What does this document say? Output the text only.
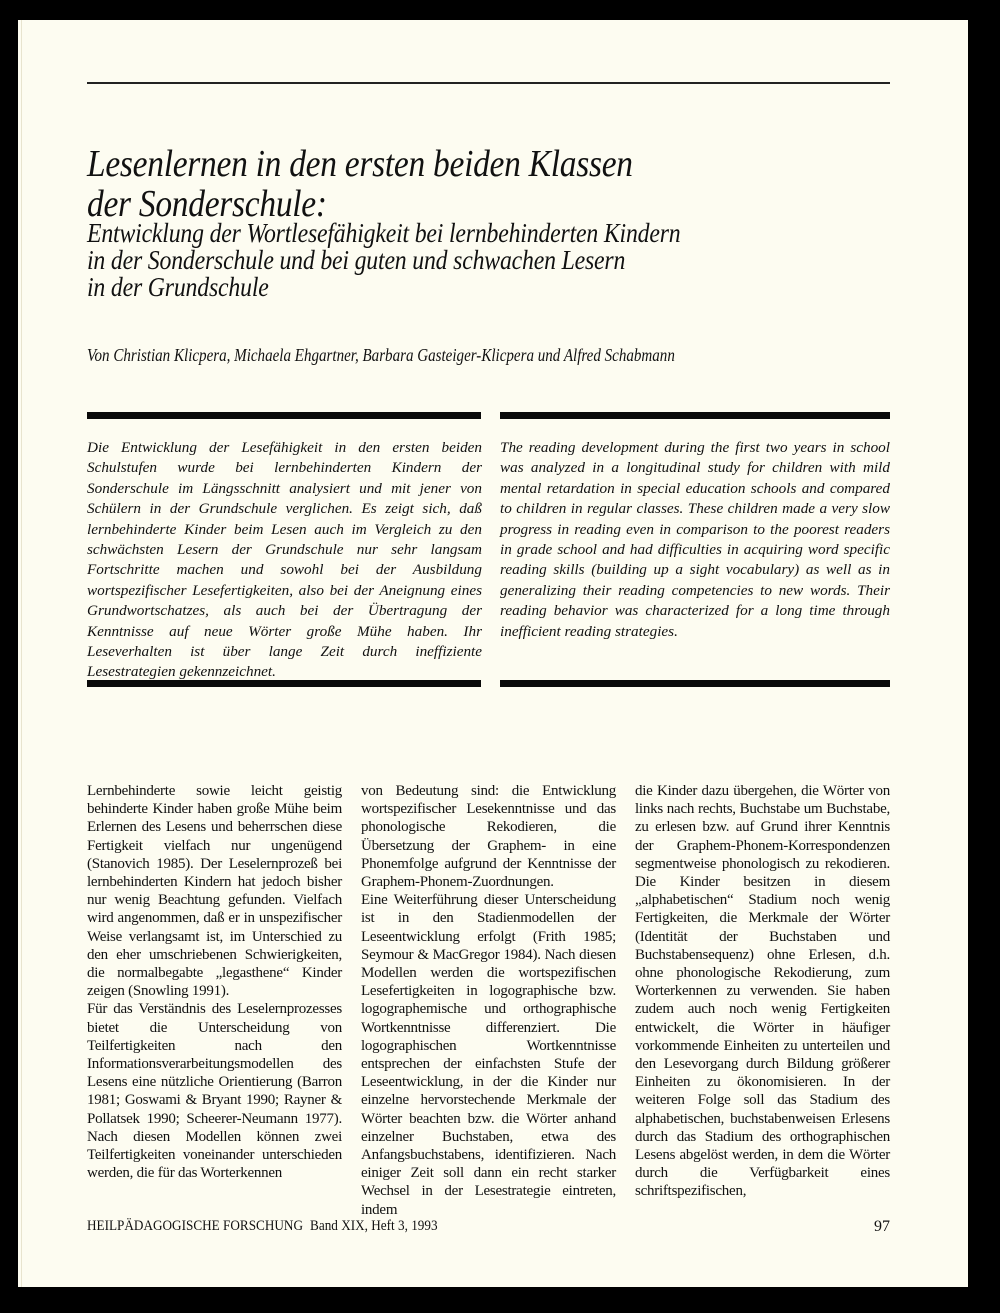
Lesenlernen in den ersten beiden Klassen
der Sonderschule:
Entwicklung der Wortlesefähigkeit bei lernbehinderten Kindern
in der Sonderschule und bei guten und schwachen Lesern
in der Grundschule
Von Christian Klicpera, Michaela Ehgartner, Barbara Gasteiger-Klicpera und Alfred Schabmann

Die Entwicklung der Lesefähigkeit in den ersten beiden Schulstufen wurde bei lernbehinderten Kindern der Sonderschule im Längsschnitt analysiert und mit jener von Schülern in der Grundschule verglichen. Es zeigt sich, daß lernbehinderte Kinder beim Lesen auch im Vergleich zu den schwächsten Lesern der Grundschule nur sehr langsam Fortschritte machen und sowohl bei der Ausbildung wortspezifischer Lesefertigkeiten, also bei der Aneignung eines Grundwortschatzes, als auch bei der Übertragung der Kenntnisse auf neue Wörter große Mühe haben. Ihr Leseverhalten ist über lange Zeit durch ineffiziente Lesestrategien gekennzeichnet.

The reading development during the first two years in school was analyzed in a longitudinal study for children with mild mental retardation in special education schools and compared to children in regular classes. These children made a very slow progress in reading even in comparison to the poorest readers in grade school and had difficulties in acquiring word specific reading skills (building up a sight vocabulary) as well as in generalizing their reading competencies to new words. Their reading behavior was characterized for a long time through inefficient reading strategies.

Lernbehinderte sowie leicht geistig behinderte Kinder haben große Mühe beim Erlernen des Lesens und beherrschen diese Fertigkeit vielfach nur ungenügend (Stanovich 1985). Der Leselernprozeß bei lernbehinderten Kindern hat jedoch bisher nur wenig Beachtung gefunden. Vielfach wird angenommen, daß er in unspezifischer Weise verlangsamt ist, im Unterschied zu den eher umschriebenen Schwierigkeiten, die normalbegabte „legasthene“ Kinder zeigen (Snowling 1991).

Für das Verständnis des Leselernprozesses bietet die Unterscheidung von Teilfertigkeiten nach den Informationsverarbeitungsmodellen des Lesens eine nützliche Orientierung (Barron 1981; Goswami & Bryant 1990; Rayner & Pollatsek 1990; Scheerer-Neumann 1977). Nach diesen Modellen können zwei Teilfertigkeiten voneinander unterschieden werden, die für das Worterkennen

von Bedeutung sind: die Entwicklung wortspezifischer Lesekenntnisse und das phonologische Rekodieren, die Übersetzung der Graphem- in eine Phonemfolge aufgrund der Kenntnisse der Graphem-Phonem-Zuordnungen.

Eine Weiterführung dieser Unterscheidung ist in den Stadienmodellen der Leseentwicklung erfolgt (Frith 1985; Seymour & MacGregor 1984). Nach diesen Modellen werden die wortspezifischen Lesefertigkeiten in logographische bzw. logographemische und orthographische Wortkenntnisse differenziert. Die logographischen Wortkenntnisse entsprechen der einfachsten Stufe der Leseentwicklung, in der die Kinder nur einzelne hervorstechende Merkmale der Wörter beachten bzw. die Wörter anhand einzelner Buchstaben, etwa des Anfangsbuchstabens, identifizieren. Nach einiger Zeit soll dann ein recht starker Wechsel in der Lesestrategie eintreten, indem

die Kinder dazu übergehen, die Wörter von links nach rechts, Buchstabe um Buchstabe, zu erlesen bzw. auf Grund ihrer Kenntnis der Graphem-Phonem-Korrespondenzen segmentweise phonologisch zu rekodieren. Die Kinder besitzen in diesem „alphabetischen“ Stadium noch wenig Fertigkeiten, die Merkmale der Wörter (Identität der Buchstaben und Buchstabensequenz) ohne Erlesen, d.h. ohne phonologische Rekodierung, zum Worterkennen zu verwenden. Sie haben zudem auch noch wenig Fertigkeiten entwickelt, die Wörter in häufiger vorkommende Einheiten zu unterteilen und den Lesevorgang durch Bildung größerer Einheiten zu ökonomisieren. In der weiteren Folge soll das Stadium des alphabetischen, buchstabenweisen Erlesens durch das Stadium des orthographischen Lesens abgelöst werden, in dem die Wörter durch die Verfügbarkeit eines schriftspezifischen,

HEILPÄDAGOGISCHE FORSCHUNG Band XIX, Heft 3, 1993	97
